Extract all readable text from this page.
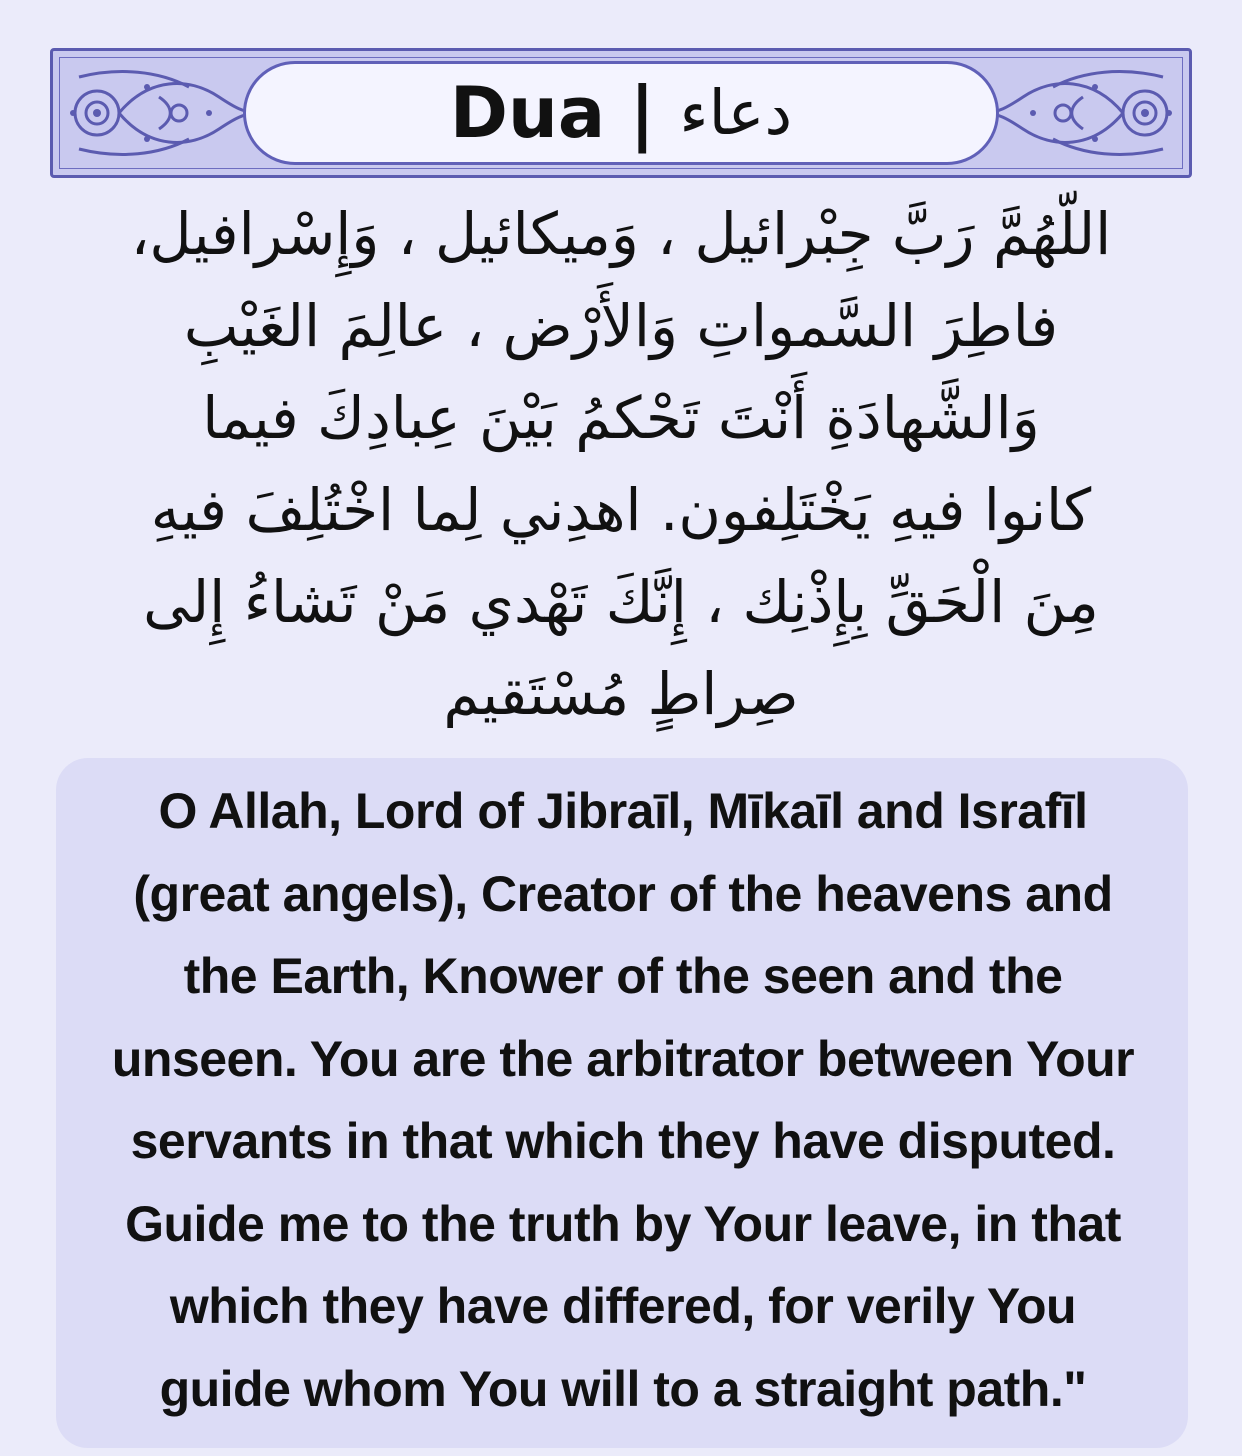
Dua
|
دعاء
اللّهُمَّ رَبَّ جِبْرائيل ، وَميكائيل ، وَإِسْرافيل،
فاطِرَ السَّمواتِ وَالأَرْض ، عالِمَ الغَيْبِ
وَالشَّهادَةِ أَنْتَ تَحْكمُ بَيْنَ عِبادِكَ فيما
كانوا فيهِ يَخْتَلِفون. اهدِني لِما اخْتُلِفَ فيهِ
مِنَ الْحَقِّ بِإِذْنِك ، إِنَّكَ تَهْدي مَنْ تَشاءُ إِلى
صِراطٍ مُسْتَقيم
O Allah, Lord of Jibraīl, Mīkaīl and Israfīl
(great angels), Creator of the heavens and
the Earth, Knower of the seen and the
unseen. You are the arbitrator between Your
servants in that which they have disputed.
Guide me to the truth by Your leave, in that
which they have differed, for verily You
guide whom You will to a straight path."
